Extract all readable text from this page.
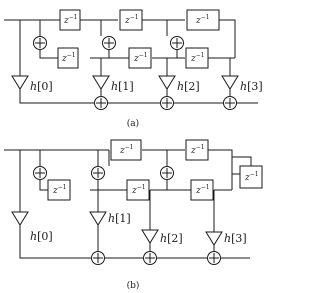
$z^{-1}$	$z^{-1}$	$z^{-1}$
$z^{-1}$	$z^{-1}$	$z^{-1}$
h[0]	h[1]	h[2]	h[3]
(a)
$z^{-1}$	$z^{-1}$
$z^{-1}$
$z^{-1}$	$z^{-1}$	$z^{-1}$
h[0]
h[1]
h[2]	h[3]
(b)
